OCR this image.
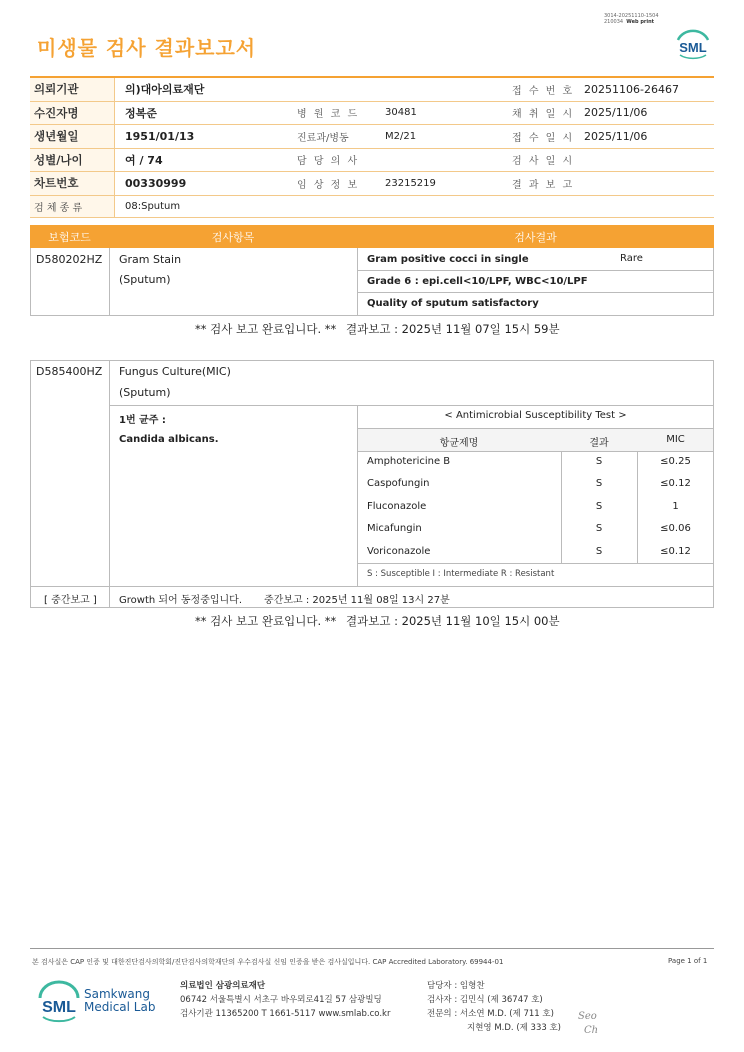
3014-20251110-1504
210034 Web print
미생물 검사 결과보고서	SML
의뢰기관	의)대아의료재단	접 수 번 호 20251106-26467
수진자명	정복준	병 원 코 드	30481	채 취 일 시 2025/11/06
생년월일	1951/01/13	진료과/병동	M2/21	접 수 일 시 2025/11/06
성별/나이	여 / 74	담 당 의 사	검 사 일 시
차트번호	00330999	임 상 정 보	23215219	결 과 보 고
검 체 종 류	08:Sputum
보험코드	검사항목	검사결과
D580202HZ Gram Stain
(Sputum)
Gram positive cocci in single	Rare
Grade 6 : epi.cell<10/LPF, WBC<10/LPF
Quality of sputum satisfactory
** 검사 보고 완료입니다. ** 결과보고 : 2025년 11월 07일 15시 59분
D585400HZ Fungus Culture(MIC)
(Sputum)
1번 균주 :
Candida albicans.
< Antimicrobial Susceptibility Test >
항균제명	결과	MIC
Amphotericine B	S	≤0.25
Caspofungin	S	≤0.12
Fluconazole	S	1
Micafungin	S	≤0.06
Voriconazole	S	≤0.12
S : Susceptible I : Intermediate R : Resistant
[ 중간보고 ] Growth 되어 동정중입니다. 중간보고 : 2025년 11월 08일 13시 27분
** 검사 보고 완료입니다. ** 결과보고 : 2025년 11월 10일 15시 00분
본 검사실은 CAP 인증 및 대한진단검사의학회/진단검사의학재단의 우수검사실 신임 인증을 받은 검사실입니다. CAP Accredited Laboratory. 69944-01	Page 1 of 1
SML
Samkwang
Medical Lab
의료법인 삼광의료재단
06742 서울특별시 서초구 바우뫼로41길 57 삼광빌딩
검사기관 11365200 T 1661-5117 www.smlab.co.kr
담당자 : 임형찬
검사자 : 김민식 (제 36747 호)
전문의 : 서소연 M.D. (제 711 호)
지현영 M.D. (제 333 호)
Seo
Ch
